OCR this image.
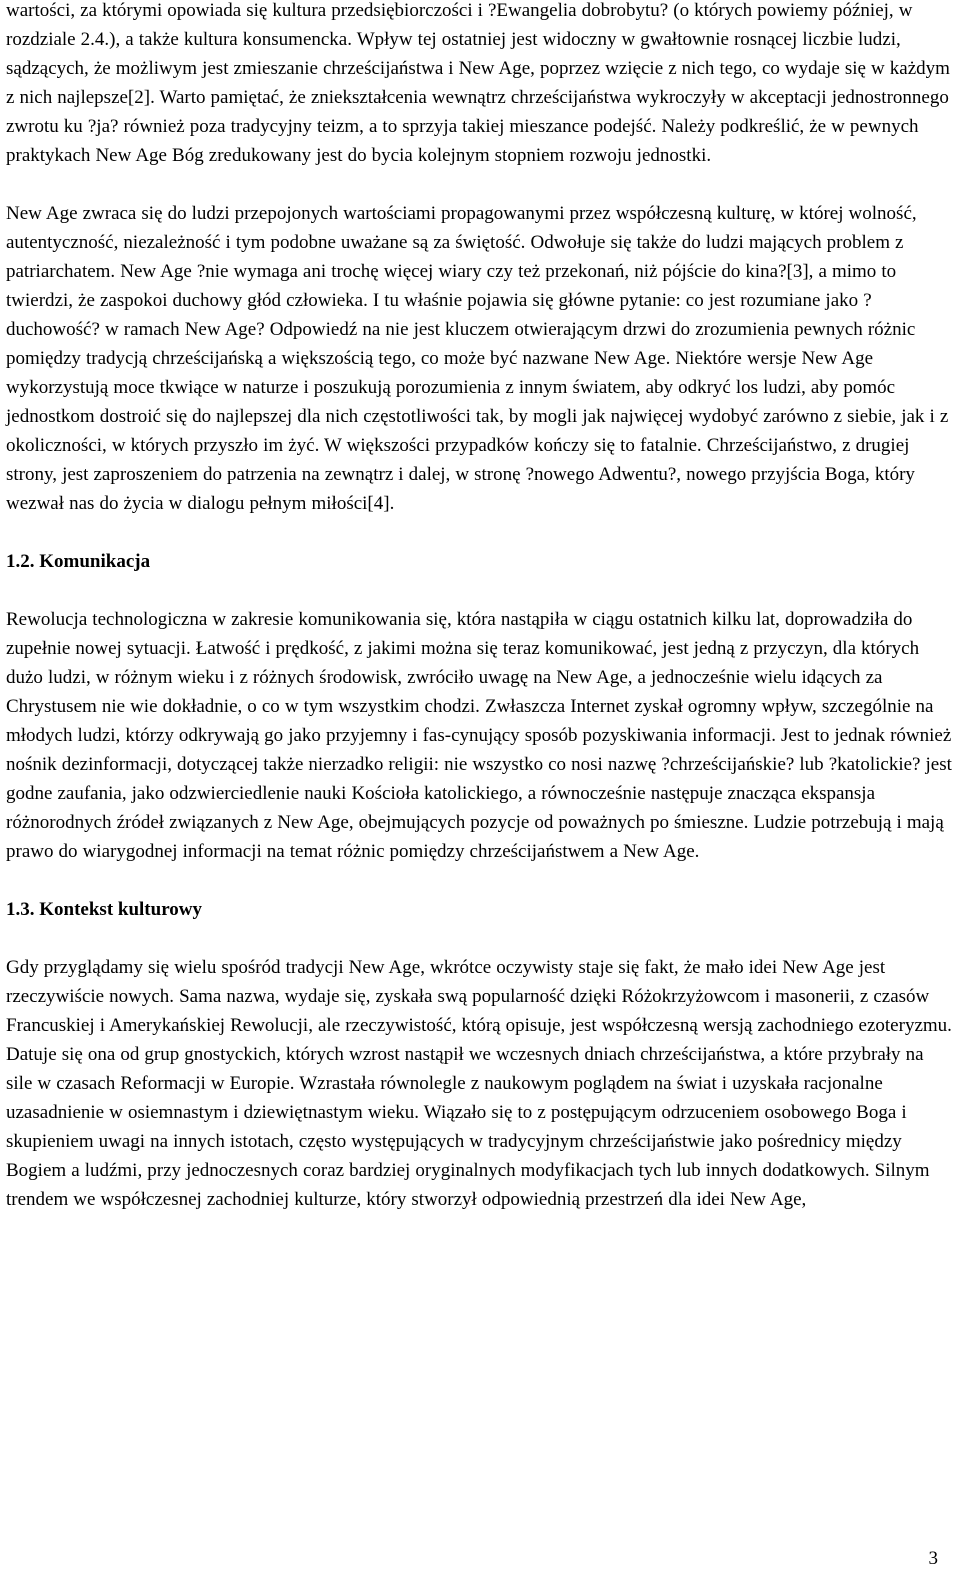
wartości, za którymi opowiada się kultura przedsiębiorczości i ?Ewangelia dobrobytu? (o których powiemy później, w rozdziale 2.4.), a także kultura konsumencka. Wpływ tej ostatniej jest widoczny w gwałtownie rosnącej liczbie ludzi, sądzących, że możliwym jest zmieszanie chrześcijaństwa i New Age, poprzez wzięcie z nich tego, co wydaje się w każdym z nich najlepsze[2]. Warto pamiętać, że zniekształcenia wewnątrz chrześcijaństwa wykroczyły w akceptacji jednostronnego zwrotu ku ?ja? również poza tradycyjny teizm, a to sprzyja takiej mieszance podejść. Należy podkreślić, że w pewnych praktykach New Age Bóg zredukowany jest do bycia kolejnym stopniem rozwoju jednostki.

New Age zwraca się do ludzi przepojonych wartościami propagowanymi przez współczesną kulturę, w której wolność, autentyczność, niezależność i tym podobne uważane są za świętość. Odwołuje się także do ludzi mających problem z patriarchatem. New Age ?nie wymaga ani trochę więcej wiary czy też przekonań, niż pójście do kina?[3], a mimo to twierdzi, że zaspokoi duchowy głód człowieka. I tu właśnie pojawia się główne pytanie: co jest rozumiane jako ?duchowość? w ramach New Age? Odpowiedź na nie jest kluczem otwierającym drzwi do zrozumienia pewnych różnic pomiędzy tradycją chrześcijańską a większością tego, co może być nazwane New Age. Niektóre wersje New Age wykorzystują moce tkwiące w naturze i poszukują porozumienia z innym światem, aby odkryć los ludzi, aby pomóc jednostkom dostroić się do najlepszej dla nich częstotliwości tak, by mogli jak najwięcej wydobyć zarówno z siebie, jak i z okoliczności, w których przyszło im żyć. W większości przypadków kończy się to fatalnie. Chrześcijaństwo, z drugiej strony, jest zaproszeniem do patrzenia na zewnątrz i dalej, w stronę ?nowego Adwentu?, nowego przyjścia Boga, który wezwał nas do życia w dialogu pełnym miłości[4].

1.2. Komunikacja

Rewolucja technologiczna w zakresie komunikowania się, która nastąpiła w ciągu ostatnich kilku lat, doprowadziła do zupełnie nowej sytuacji. Łatwość i prędkość, z jakimi można się teraz komunikować, jest jedną z przyczyn, dla których dużo ludzi, w różnym wieku i z różnych środowisk, zwróciło uwagę na New Age, a jednocześnie wielu idących za Chrystusem nie wie dokładnie, o co w tym wszystkim chodzi. Zwłaszcza Internet zyskał ogromny wpływ, szczególnie na młodych ludzi, którzy odkrywają go jako przyjemny i fas-cynujący sposób pozyskiwania informacji. Jest to jednak również nośnik dezinformacji, dotyczącej także nierzadko religii: nie wszystko co nosi nazwę ?chrześcijańskie? lub ?katolickie? jest godne zaufania, jako odzwierciedlenie nauki Kościoła katolickiego, a równocześnie następuje znacząca ekspansja różnorodnych źródeł związanych z New Age, obejmujących pozycje od poważnych po śmieszne. Ludzie potrzebują i mają prawo do wiarygodnej informacji na temat różnic pomiędzy chrześcijaństwem a New Age.

1.3. Kontekst kulturowy

Gdy przyglądamy się wielu spośród tradycji New Age, wkrótce oczywisty staje się fakt, że mało idei New Age jest rzeczywiście nowych. Sama nazwa, wydaje się, zyskała swą popularność dzięki Różokrzyżowcom i masonerii, z czasów Francuskiej i Amerykańskiej Rewolucji, ale rzeczywistość, którą opisuje, jest współczesną wersją zachodniego ezoteryzmu. Datuje się ona od grup gnostyckich, których wzrost nastąpił we wczesnych dniach chrześcijaństwa, a które przybrały na sile w czasach Reformacji w Europie. Wzrastała równolegle z naukowym poglądem na świat i uzyskała racjonalne uzasadnienie w osiemnastym i dziewiętnastym wieku. Wiązało się to z postępującym odrzuceniem osobowego Boga i skupieniem uwagi na innych istotach, często występujących w tradycyjnym chrześcijaństwie jako pośrednicy między Bogiem a ludźmi, przy jednoczesnych coraz bardziej oryginalnych modyfikacjach tych lub innych dodatkowych. Silnym trendem we współczesnej zachodniej kulturze, który stworzył odpowiednią przestrzeń dla idei New Age,

3
